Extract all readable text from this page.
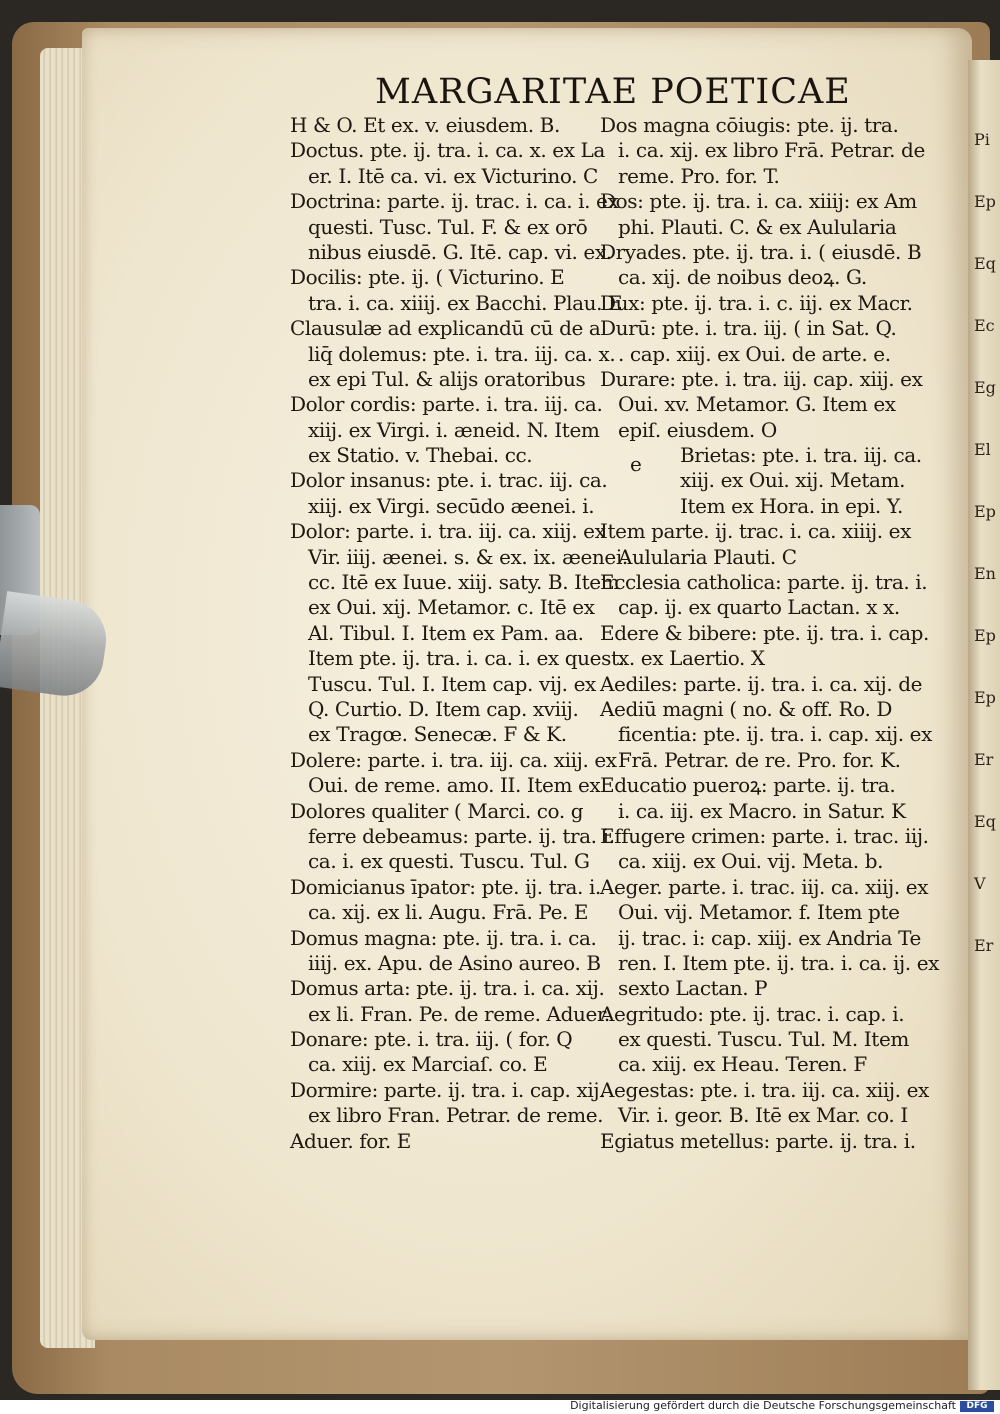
Pi
Ep
Eq
Ec
Eg
El
Ep
En
Ep
Ep
Er
Eq
V
Er
MARGARITAE POETICAE
H & O. Et ex. v. eiusdem. B.
Doctus. pte. ij. tra. i. ca. x. ex La
er. I. Itē ca. vi. ex Victurino. C
Doctrina: parte. ij. trac. i. ca. i. ex
questi. Tusc. Tul. F. & ex orō
nibus eiusdē. G. Itē. cap. vi. ex.
Docilis: pte. ij. ( Victurino. E
tra. i. ca. xiiij. ex Bacchi. Plau. E
Clausulæ ad explicandū cū de a
liq̄ dolemus: pte. i. tra. iij. ca. x.
ex epi Tul. & alijs oratoribus
Dolor cordis: parte. i. tra. iij. ca.
xiij. ex Virgi. i. æneid. N. Item
ex Statio. v. Thebai. cc.
Dolor insanus: pte. i. trac. iij. ca.
xiij. ex Virgi. secūdo æenei. i.
Dolor: parte. i. tra. iij. ca. xiij. ex
Vir. iiij. æenei. s. & ex. ix. æenei.
cc. Itē ex Iuue. xiij. saty. B. Item
ex Oui. xij. Metamor. c. Itē ex
Al. Tibul. I. Item ex Pam. aa.
Item pte. ij. tra. i. ca. i. ex quest.
Tuscu. Tul. I. Item cap. vij. ex
Q. Curtio. D. Item cap. xviij.
ex Tragœ. Senecæ. F & K.
Dolere: parte. i. tra. iij. ca. xiij. ex
Oui. de reme. amo. II. Item ex
Dolores qualiter ( Marci. co. g
ferre debeamus: parte. ij. tra. i.
ca. i. ex questi. Tuscu. Tul. G
Domicianus īpator: pte. ij. tra. i.
ca. xij. ex li. Augu. Frā. Pe. E
Domus magna: pte. ij. tra. i. ca.
iiij. ex. Apu. de Asino aureo. B
Domus arta: pte. ij. tra. i. ca. xij.
ex li. Fran. Pe. de reme. Aduer.
Donare: pte. i. tra. iij. ( for. Q
ca. xiij. ex Marciaſ. co. E
Dormire: parte. ij. tra. i. cap. xij.
ex libro Fran. Petrar. de reme.
Aduer. for. E
Dos magna cōiugis: pte. ij. tra.
i. ca. xij. ex libro Frā. Petrar. de
reme. Pro. for. T.
Dos: pte. ij. tra. i. ca. xiiij: ex Am
phi. Plauti. C. & ex Aulularia
Dryades. pte. ij. tra. i. ( eiusdē. B
ca. xij. de noibus deoꝝ. G.
Dux: pte. ij. tra. i. c. iij. ex Macr.
Durū: pte. i. tra. iij. ( in Sat. Q.
. cap. xiij. ex Oui. de arte. e.
Durare: pte. i. tra. iij. cap. xiij. ex
Oui. xv. Metamor. G. Item ex
epiſ. eiusdem. O
Brietas: pte. i. tra. iij. ca.
xiij. ex Oui. xij. Metam.
Item ex Hora. in epi. Y.
Item parte. ij. trac. i. ca. xiiij. ex
Aulularia Plauti. C
Ecclesia catholica: parte. ij. tra. i.
cap. ij. ex quarto Lactan. x x.
Edere & bibere: pte. ij. tra. i. cap.
x. ex Laertio. X
Aediles: parte. ij. tra. i. ca. xij. de
Aediū magni ( no. & off. Ro. D
ficentia: pte. ij. tra. i. cap. xij. ex
Frā. Petrar. de re. Pro. for. K.
Educatio pueroꝝ: parte. ij. tra.
i. ca. iij. ex Macro. in Satur. K
Effugere crimen: parte. i. trac. iij.
ca. xiij. ex Oui. vij. Meta. b.
Aeger. parte. i. trac. iij. ca. xiij. ex
Oui. vij. Metamor. f. Item pte
ij. trac. i: cap. xiij. ex Andria Te
ren. I. Item pte. ij. tra. i. ca. ij. ex
sexto Lactan. P
Aegritudo: pte. ij. trac. i. cap. i.
ex questi. Tuscu. Tul. M. Item
ca. xiij. ex Heau. Teren. F
Aegestas: pte. i. tra. iij. ca. xiij. ex
Vir. i. geor. B. Itē ex Mar. co. I
Egiatus metellus: parte. ij. tra. i.
e
Digitalisierung gefördert durch die Deutsche Forschungsgemeinschaft	DFG
